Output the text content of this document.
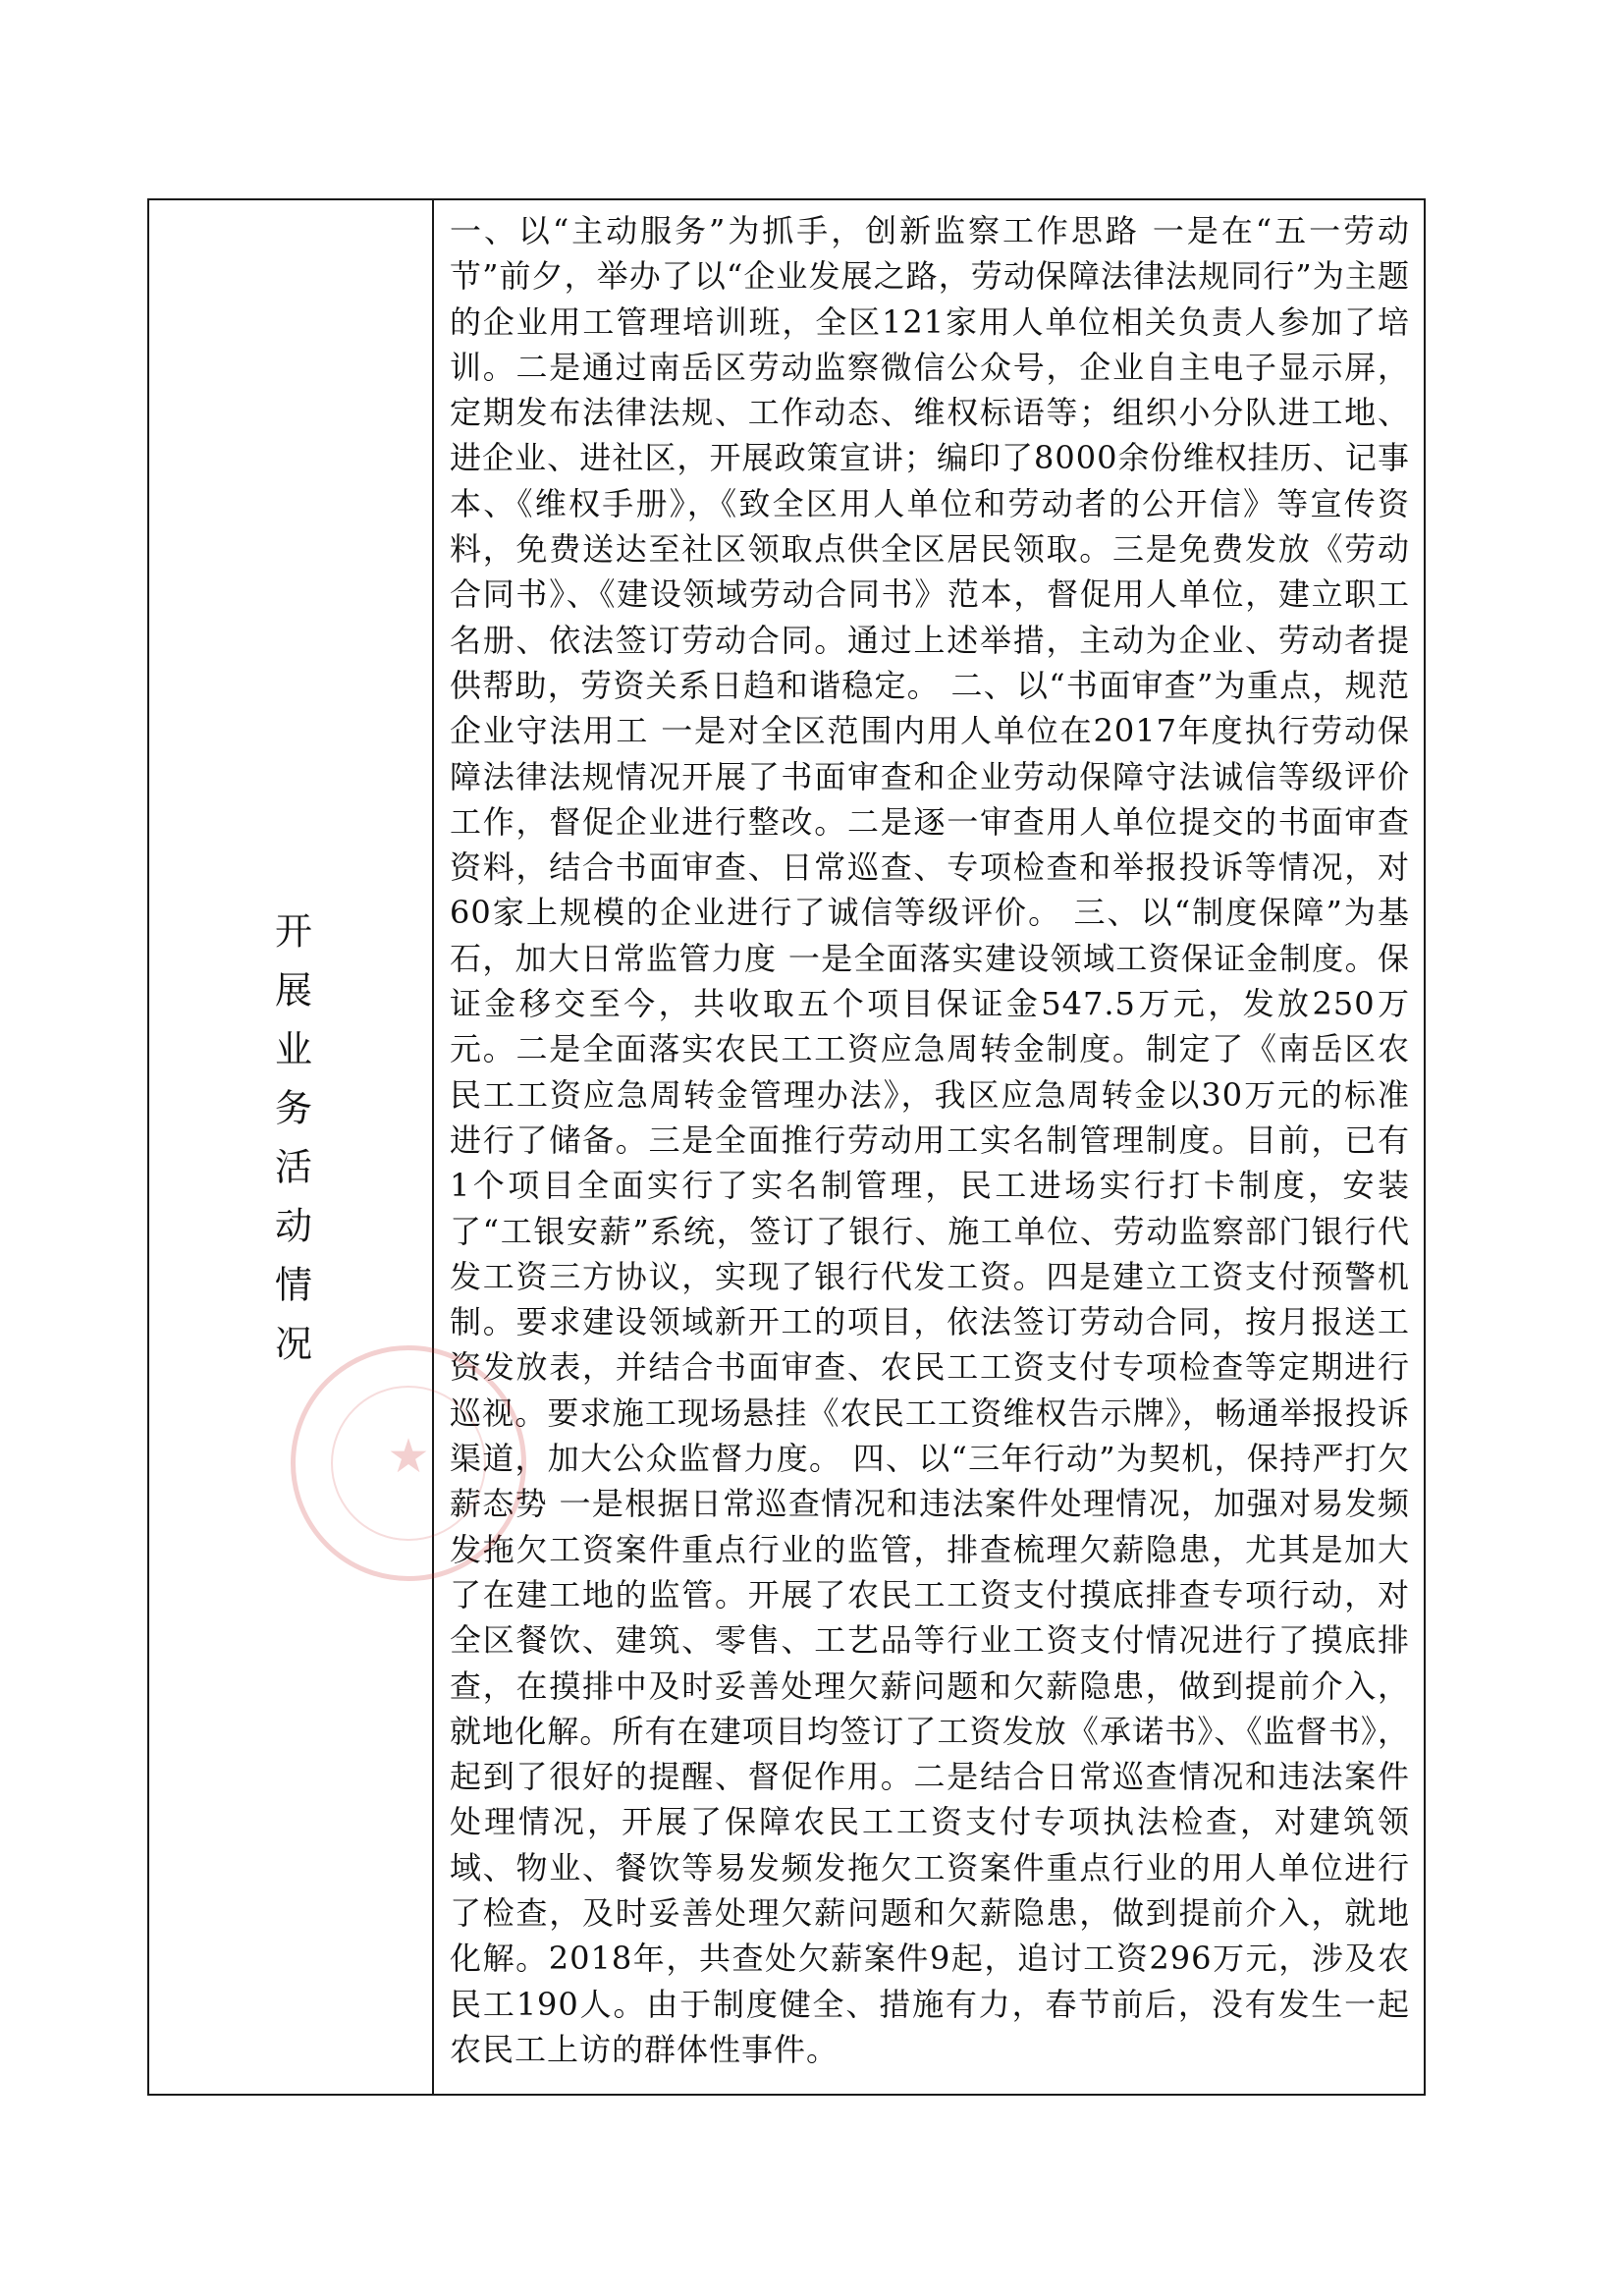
开展业务活动情况

一、以“主动服务”为抓手，创新监察工作思路 一是在“五一劳动节”前夕，举办了以“企业发展之路，劳动保障法律法规同行”为主题的企业用工管理培训班，全区121家用人单位相关负责人参加了培训。二是通过南岳区劳动监察微信公众号，企业自主电子显示屏，定期发布法律法规、工作动态、维权标语等；组织小分队进工地、进企业、进社区，开展政策宣讲；编印了8000余份维权挂历、记事本、《维权手册》，《致全区用人单位和劳动者的公开信》等宣传资料，免费送达至社区领取点供全区居民领取。三是免费发放《劳动合同书》、《建设领域劳动合同书》范本，督促用人单位，建立职工名册、依法签订劳动合同。通过上述举措，主动为企业、劳动者提供帮助，劳资关系日趋和谐稳定。 二、以“书面审查”为重点，规范企业守法用工 一是对全区范围内用人单位在2017年度执行劳动保障法律法规情况开展了书面审查和企业劳动保障守法诚信等级评价工作，督促企业进行整改。二是逐一审查用人单位提交的书面审查资料，结合书面审查、日常巡查、专项检查和举报投诉等情况，对60家上规模的企业进行了诚信等级评价。 三、以“制度保障”为基石，加大日常监管力度 一是全面落实建设领域工资保证金制度。保证金移交至今，共收取五个项目保证金547.5万元，发放250万元。二是全面落实农民工工资应急周转金制度。制定了《南岳区农民工工资应急周转金管理办法》，我区应急周转金以30万元的标准进行了储备。三是全面推行劳动用工实名制管理制度。目前，已有1个项目全面实行了实名制管理，民工进场实行打卡制度，安装了“工银安薪”系统，签订了银行、施工单位、劳动监察部门银行代发工资三方协议，实现了银行代发工资。四是建立工资支付预警机制。要求建设领域新开工的项目，依法签订劳动合同，按月报送工资发放表，并结合书面审查、农民工工资支付专项检查等定期进行巡视。要求施工现场悬挂《农民工工资维权告示牌》，畅通举报投诉渠道，加大公众监督力度。 四、以“三年行动”为契机，保持严打欠薪态势 一是根据日常巡查情况和违法案件处理情况，加强对易发频发拖欠工资案件重点行业的监管，排查梳理欠薪隐患，尤其是加大了在建工地的监管。开展了农民工工资支付摸底排查专项行动，对全区餐饮、建筑、零售、工艺品等行业工资支付情况进行了摸底排查，在摸排中及时妥善处理欠薪问题和欠薪隐患，做到提前介入，就地化解。所有在建项目均签订了工资发放《承诺书》、《监督书》，起到了很好的提醒、督促作用。二是结合日常巡查情况和违法案件处理情况，开展了保障农民工工资支付专项执法检查，对建筑领域、物业、餐饮等易发频发拖欠工资案件重点行业的用人单位进行了检查，及时妥善处理欠薪问题和欠薪隐患，做到提前介入，就地化解。2018年，共查处欠薪案件9起，追讨工资296万元，涉及农民工190人。由于制度健全、措施有力，春节前后，没有发生一起农民工上访的群体性事件。

★
